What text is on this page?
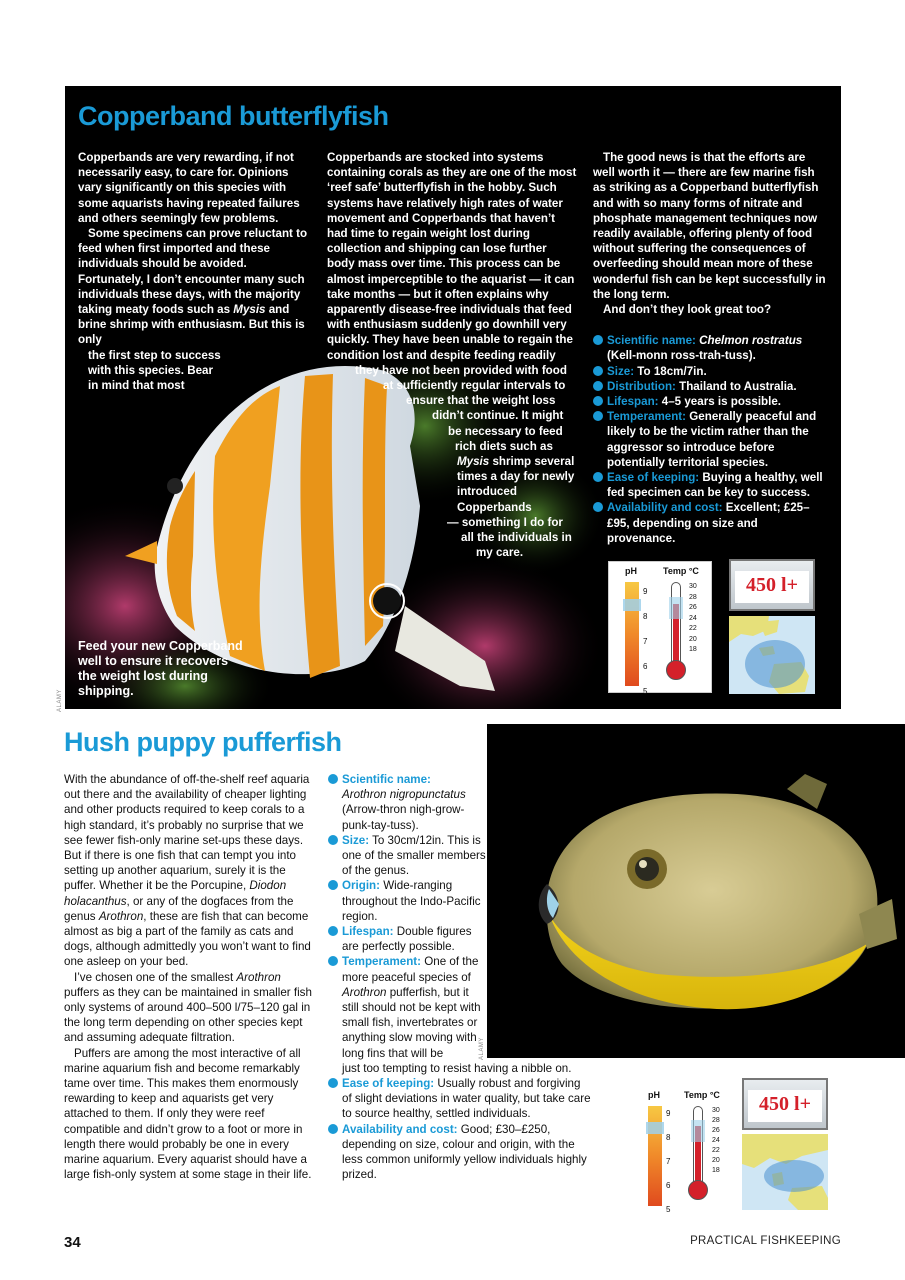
Copperband butterflyfish

Copperbands are very rewarding, if not necessarily easy, to care for. Opinions vary significantly on this species with some aquarists having repeated failures and others seemingly few problems.

Some specimens can prove reluctant to feed when first imported and these individuals should be avoided. Fortunately, I don’t encounter many such individuals these days, with the majority taking meaty foods such as Mysis and brine shrimp with enthusiasm. But this is only
the first step to success
with this species. Bear
in mind that most

Copperbands are stocked into systems containing corals as they are one of the most ‘reef safe’ butterflyfish in the hobby. Such systems have relatively high rates of water movement and Copperbands that haven’t had time to regain weight lost during collection and shipping can lose further body mass over time. This process can be almost imperceptible to the aquarist — it can take months — but it often explains why apparently disease-free individuals that feed with enthusiasm suddenly go downhill very quickly. They have been unable to regain the condition lost and despite feeding readily

they have not been provided with food
at sufficiently regular intervals to
ensure that the weight loss
didn’t continue. It might
be necessary to feed
rich diets such as
Mysis shrimp several
times a day for newly
introduced
Copperbands
— something I do for
all the individuals in
my care.

The good news is that the efforts are well worth it — there are few marine fish as striking as a Copperband butterflyfish and with so many forms of nitrate and phosphate management techniques now readily available, offering plenty of food without suffering the consequences of overfeeding should mean more of these wonderful fish can be kept successfully in the long term.

And don’t they look great too?

Scientific name: Chelmon rostratus (Kell-monn ross-trah-tuss).
Size: To 18cm/7in.
Distribution: Thailand to Australia.
Lifespan: 4–5 years is possible.
Temperament: Generally peaceful and likely to be the victim rather than the aggressor so introduce before potentially territorial species.
Ease of keeping: Buying a healthy, well fed specimen can be key to success.
Availability and cost: Excellent; £25–£95, depending on size and provenance.
Feed your new Copperband well to ensure it recovers the weight lost during shipping.
pH	Temp °C
9
8
7
6
5
30
28
26
24
22
20
18
450 l+
ALAMY
Hush puppy pufferfish
ALAMY

With the abundance of off-the-shelf reef aquaria out there and the availability of cheaper lighting and other products required to keep corals to a high standard, it’s probably no surprise that we see fewer fish-only marine set-ups these days. But if there is one fish that can tempt you into setting up another aquarium, surely it is the puffer. Whether it be the Porcupine, Diodon holacanthus, or any of the dogfaces from the genus Arothron, these are fish that can become almost as big a part of the family as cats and dogs, although admittedly you won’t want to find one asleep on your bed.

I’ve chosen one of the smallest Arothron puffers as they can be maintained in smaller fish only systems of around 400–500 l/75–120 gal in the long term depending on other species kept and assuming adequate filtration.

Puffers are among the most interactive of all marine aquarium fish and become remarkably tame over time. This makes them enormously rewarding to keep and aquarists get very attached to them. If only they were reef compatible and didn’t grow to a foot or more in length there would probably be one in every marine aquarium. Every aquarist should have a large fish-only system at some stage in their life.

Scientific name:
Arothron nigropunctatus (Arrow-thron nigh-grow-punk-tay-tuss).
Size: To 30cm/12in. This is one of the smaller members of the genus.
Origin: Wide-ranging throughout the Indo-Pacific region.
Lifespan: Double figures are perfectly possible.
Temperament: One of the more peaceful species of Arothron pufferfish, but it still should not be kept with small fish, invertebrates or anything slow moving with long fins that will be
just too tempting to resist having a nibble on.
Ease of keeping: Usually robust and forgiving of slight deviations in water quality, but take care to source healthy, settled individuals.
Availability and cost: Good; £30–£250, depending on size, colour and origin, with the less common uniformly yellow individuals highly prized.
pH	Temp °C
9
8
7
6
5
30
28
26
24
22
20
18
450 l+
34	PRACTICAL FISHKEEPING
